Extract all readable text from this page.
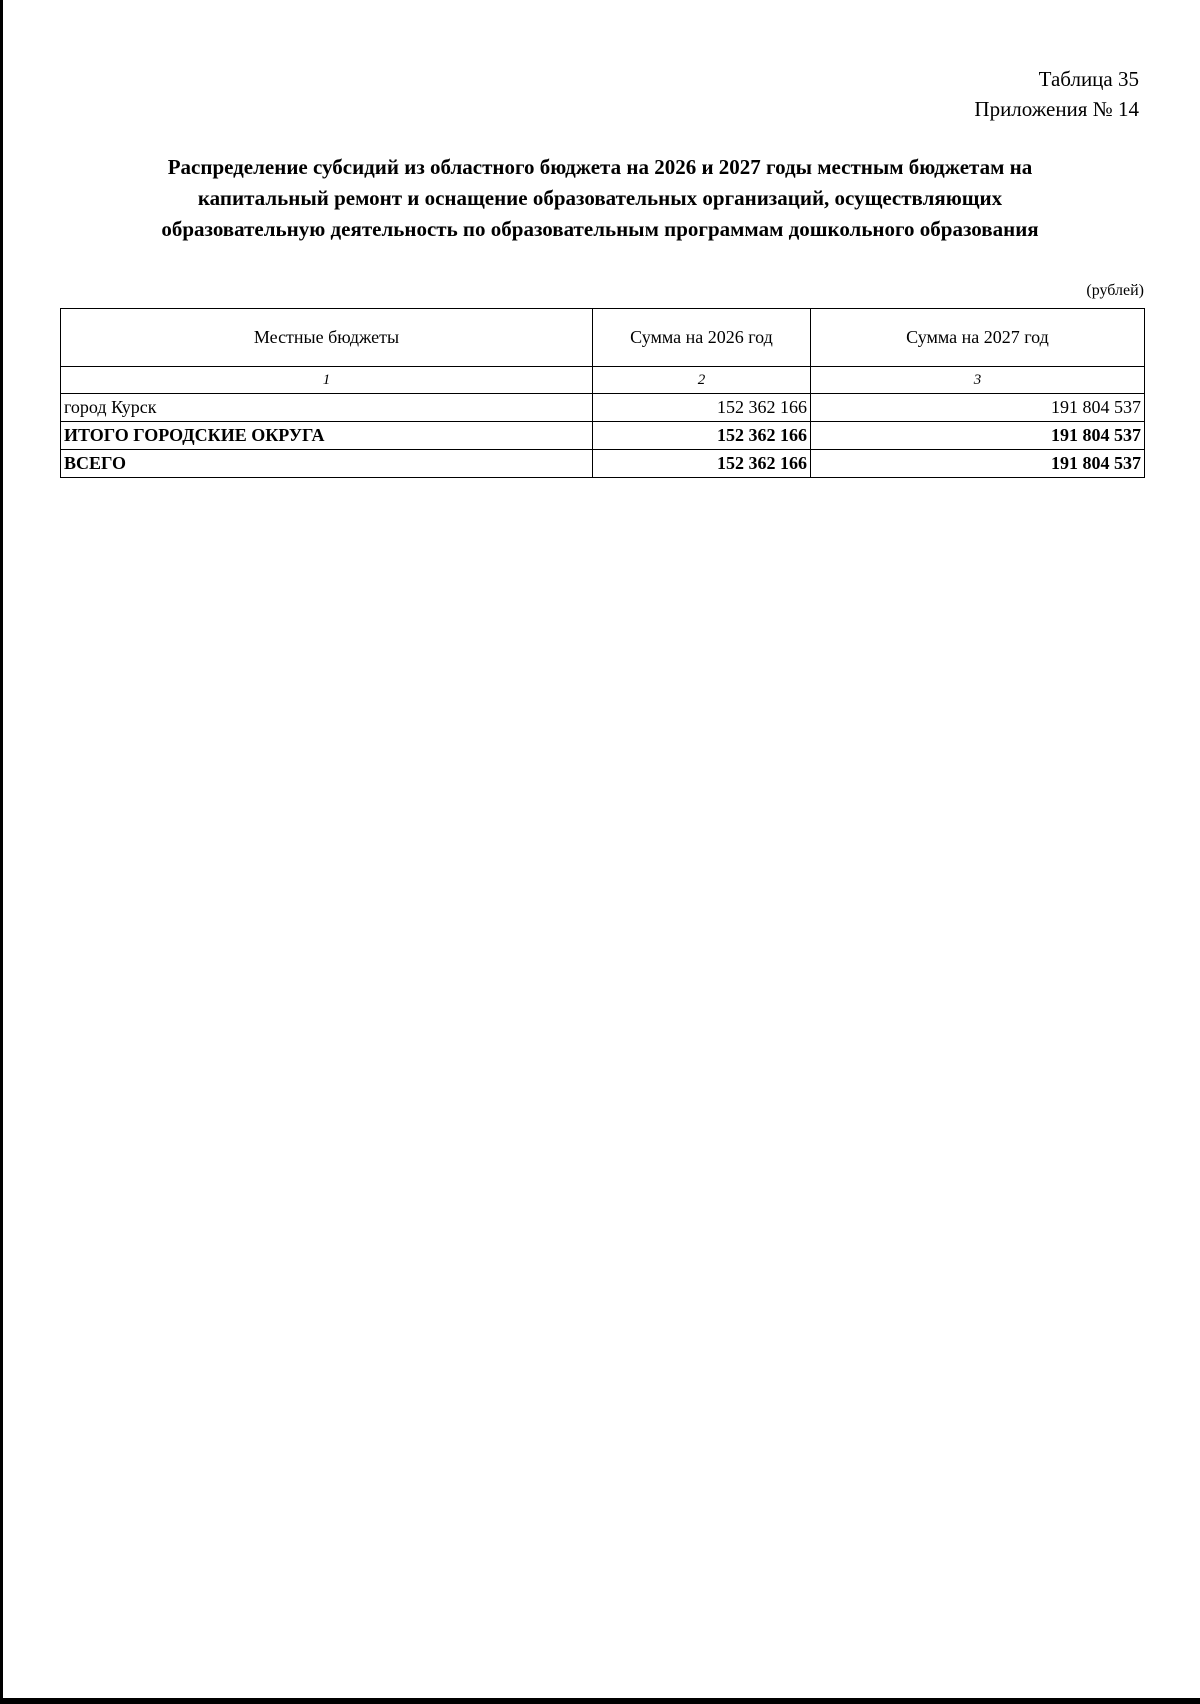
Таблица 35
Приложения № 14
Распределение субсидий из областного бюджета на 2026 и 2027 годы местным бюджетам на
капитальный ремонт и оснащение образовательных организаций, осуществляющих
образовательную деятельность по образовательным программам дошкольного образования
(рублей)
Местные бюджеты	Сумма на 2026 год	Сумма на 2027 год
1	2	3
город Курск	152 362 166	191 804 537
ИТОГО ГОРОДСКИЕ ОКРУГА	152 362 166	191 804 537
ВСЕГО	152 362 166	191 804 537
